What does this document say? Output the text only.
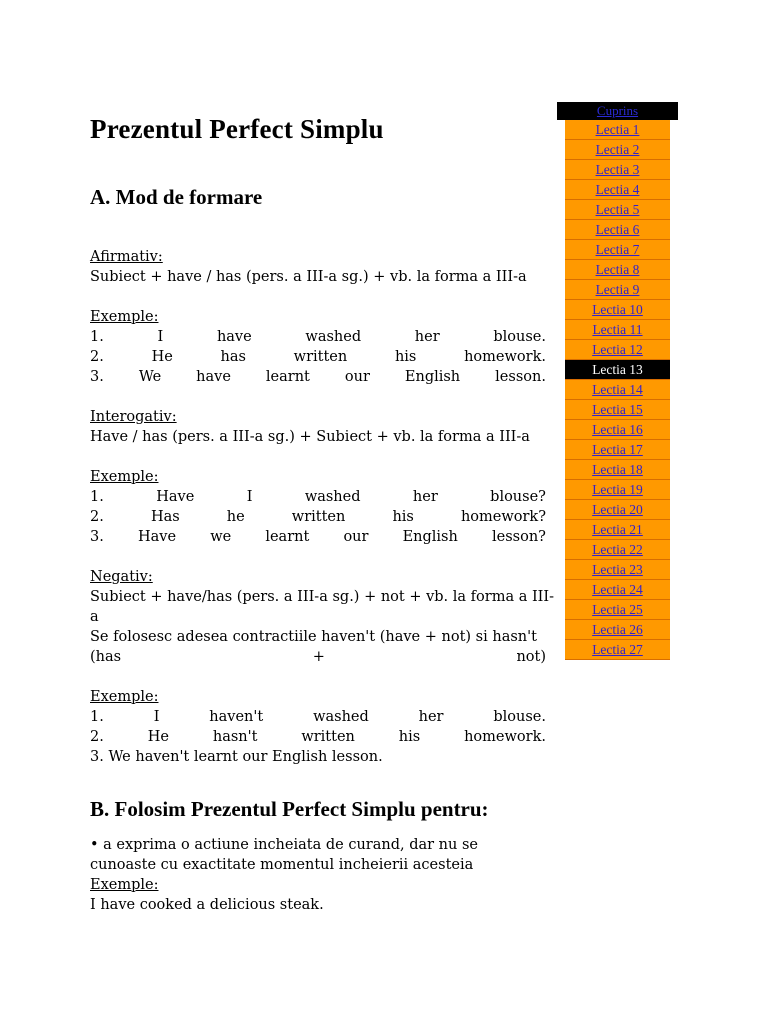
Prezentul Perfect Simplu
A. Mod de formare
Afirmativ:
Subiect + have / has (pers. a III-a sg.) + vb. la forma a III-a
Exemple:
1.	I	have	washed	her	blouse.
2.	He	has	written	his	homework.
3. We have learnt our English lesson.
Interogativ:
Have / has (pers. a III-a sg.) + Subiect + vb. la forma a III-a
Exemple:
1.	Have	I	washed	her	blouse?
2.	Has	he	written	his	homework?
3. Have we learnt our English lesson?
Negativ:
Subiect + have/has (pers. a III-a sg.) + not + vb. la forma a III-
a
Se folosesc adesea contractiile haven't (have + not) si hasn't
(has	+	not)
Exemple:
1.	I	haven't	washed	her	blouse.
2.	He	hasn't	written	his	homework.
3. We haven't learnt our English lesson.
B. Folosim Prezentul Perfect Simplu pentru:
• a exprima o actiune incheiata de curand, dar nu se cunoaste cu exactitate momentul incheierii acesteia
Exemple:
I have cooked a delicious steak.
Cuprins
Lectia 1
Lectia 2
Lectia 3
Lectia 4
Lectia 5
Lectia 6
Lectia 7
Lectia 8
Lectia 9
Lectia 10
Lectia 11
Lectia 12
Lectia 13
Lectia 14
Lectia 15
Lectia 16
Lectia 17
Lectia 18
Lectia 19
Lectia 20
Lectia 21
Lectia 22
Lectia 23
Lectia 24
Lectia 25
Lectia 26
Lectia 27
